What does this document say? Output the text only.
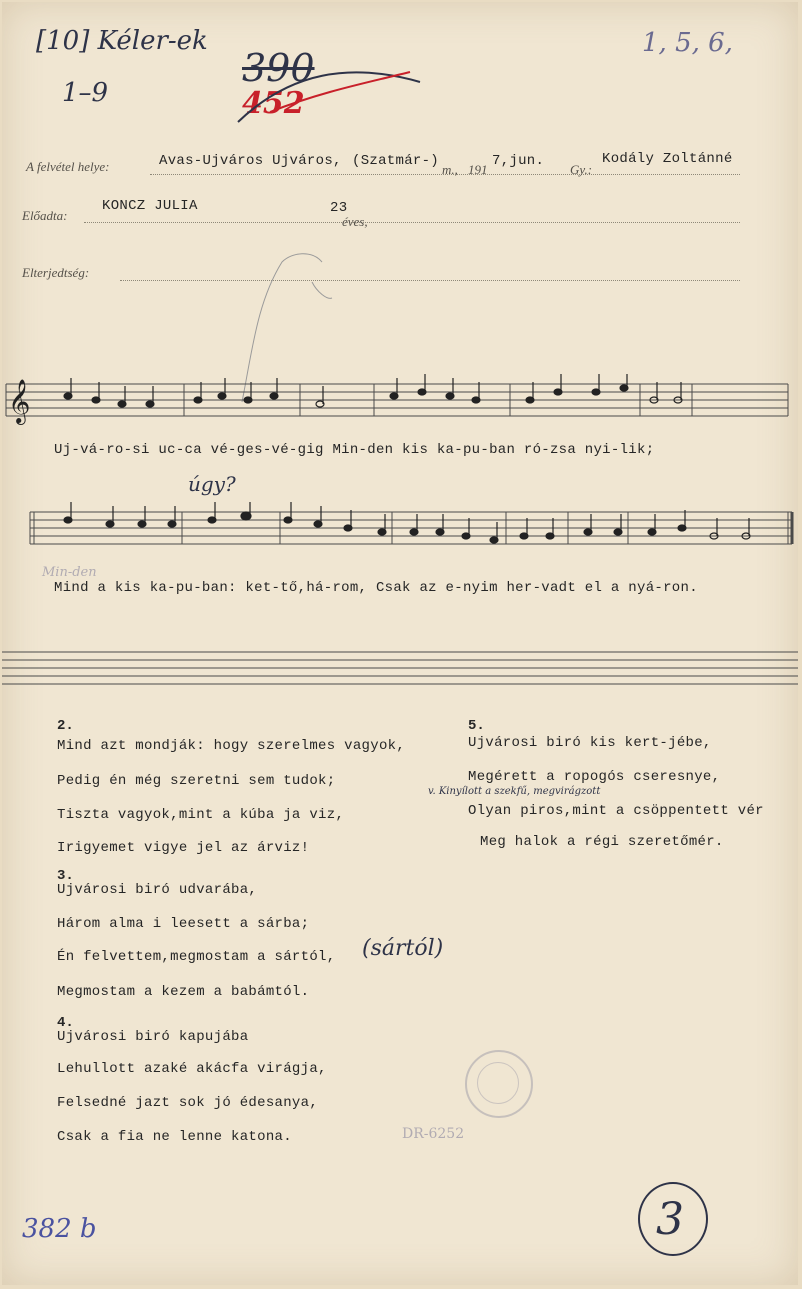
[10] Kéler-ek
1–9
390
452
1, 5, 6,
A felvétel helye:	Avas-Ujváros Ujváros, (Szatmár-)
m., 191
7,jun.
Gy.:
Kodály Zoltánné
Előadta:
KONCZ JULIA	23
éves,
Elterjedtség:
𝄞
Uj-vá-ro-si uc-ca vé-ges-vé-gig Min-den kis ka-pu-ban ró-zsa nyi-lik;
úgy?
Min-den
Mind a kis ka-pu-ban: ket-tő,há-rom, Csak az e-nyim her-vadt el a nyá-ron.
2.
Mind azt mondják: hogy szerelmes vagyok,
Pedig én még szeretni sem tudok;
Tiszta vagyok,mint a kúba ja viz,
Irigyemet vigye jel az árviz!
3.
Ujvárosi biró udvarába,
Három alma i leesett a sárba;
Én felvettem,megmostam a sártól, (sártól)
Megmostam a kezem a babámtól.
4.
Ujvárosi biró kapujába
Lehullott azaké akácfa virágja,
Felsedné jazt sok jó édesanya,
Csak a fia ne lenne katona.
5.
Ujvárosi biró kis kert-jébe,
Megérett a ropogós cseresnye,
v. Kinyílott a szekfű, megvirágzott
Olyan piros,mint a csöppentett vér
Meg halok a régi szeretőmér.
DR-6252
382 b	3
